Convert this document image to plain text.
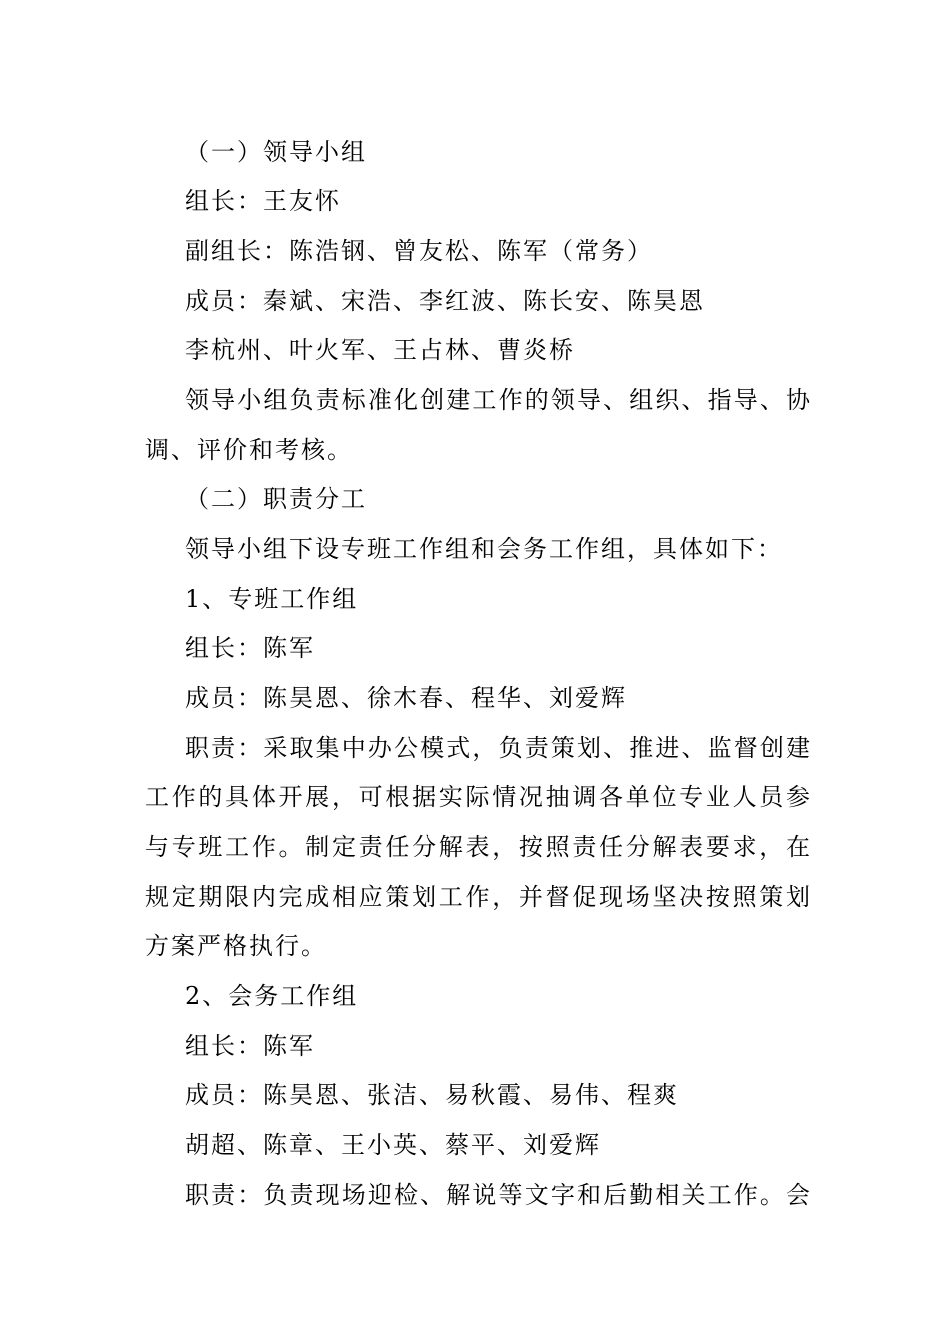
（一）领导小组
组长：王友怀
副组长：陈浩钢、曾友松、陈军（常务）
成员：秦斌、宋浩、李红波、陈长安、陈昊恩
李杭州、叶火军、王占林、曹炎桥
领导小组负责标准化创建工作的领导、组织、指导、协
调、评价和考核。
（二）职责分工
领导小组下设专班工作组和会务工作组，具体如下：
1、专班工作组
组长：陈军
成员：陈昊恩、徐木春、程华、刘爱辉
职责：采取集中办公模式，负责策划、推进、监督创建
工作的具体开展，可根据实际情况抽调各单位专业人员参
与专班工作。制定责任分解表，按照责任分解表要求，在
规定期限内完成相应策划工作，并督促现场坚决按照策划
方案严格执行。
2、会务工作组
组长：陈军
成员：陈昊恩、张洁、易秋霞、易伟、程爽
胡超、陈章、王小英、蔡平、刘爱辉
职责：负责现场迎检、解说等文字和后勤相关工作。会
